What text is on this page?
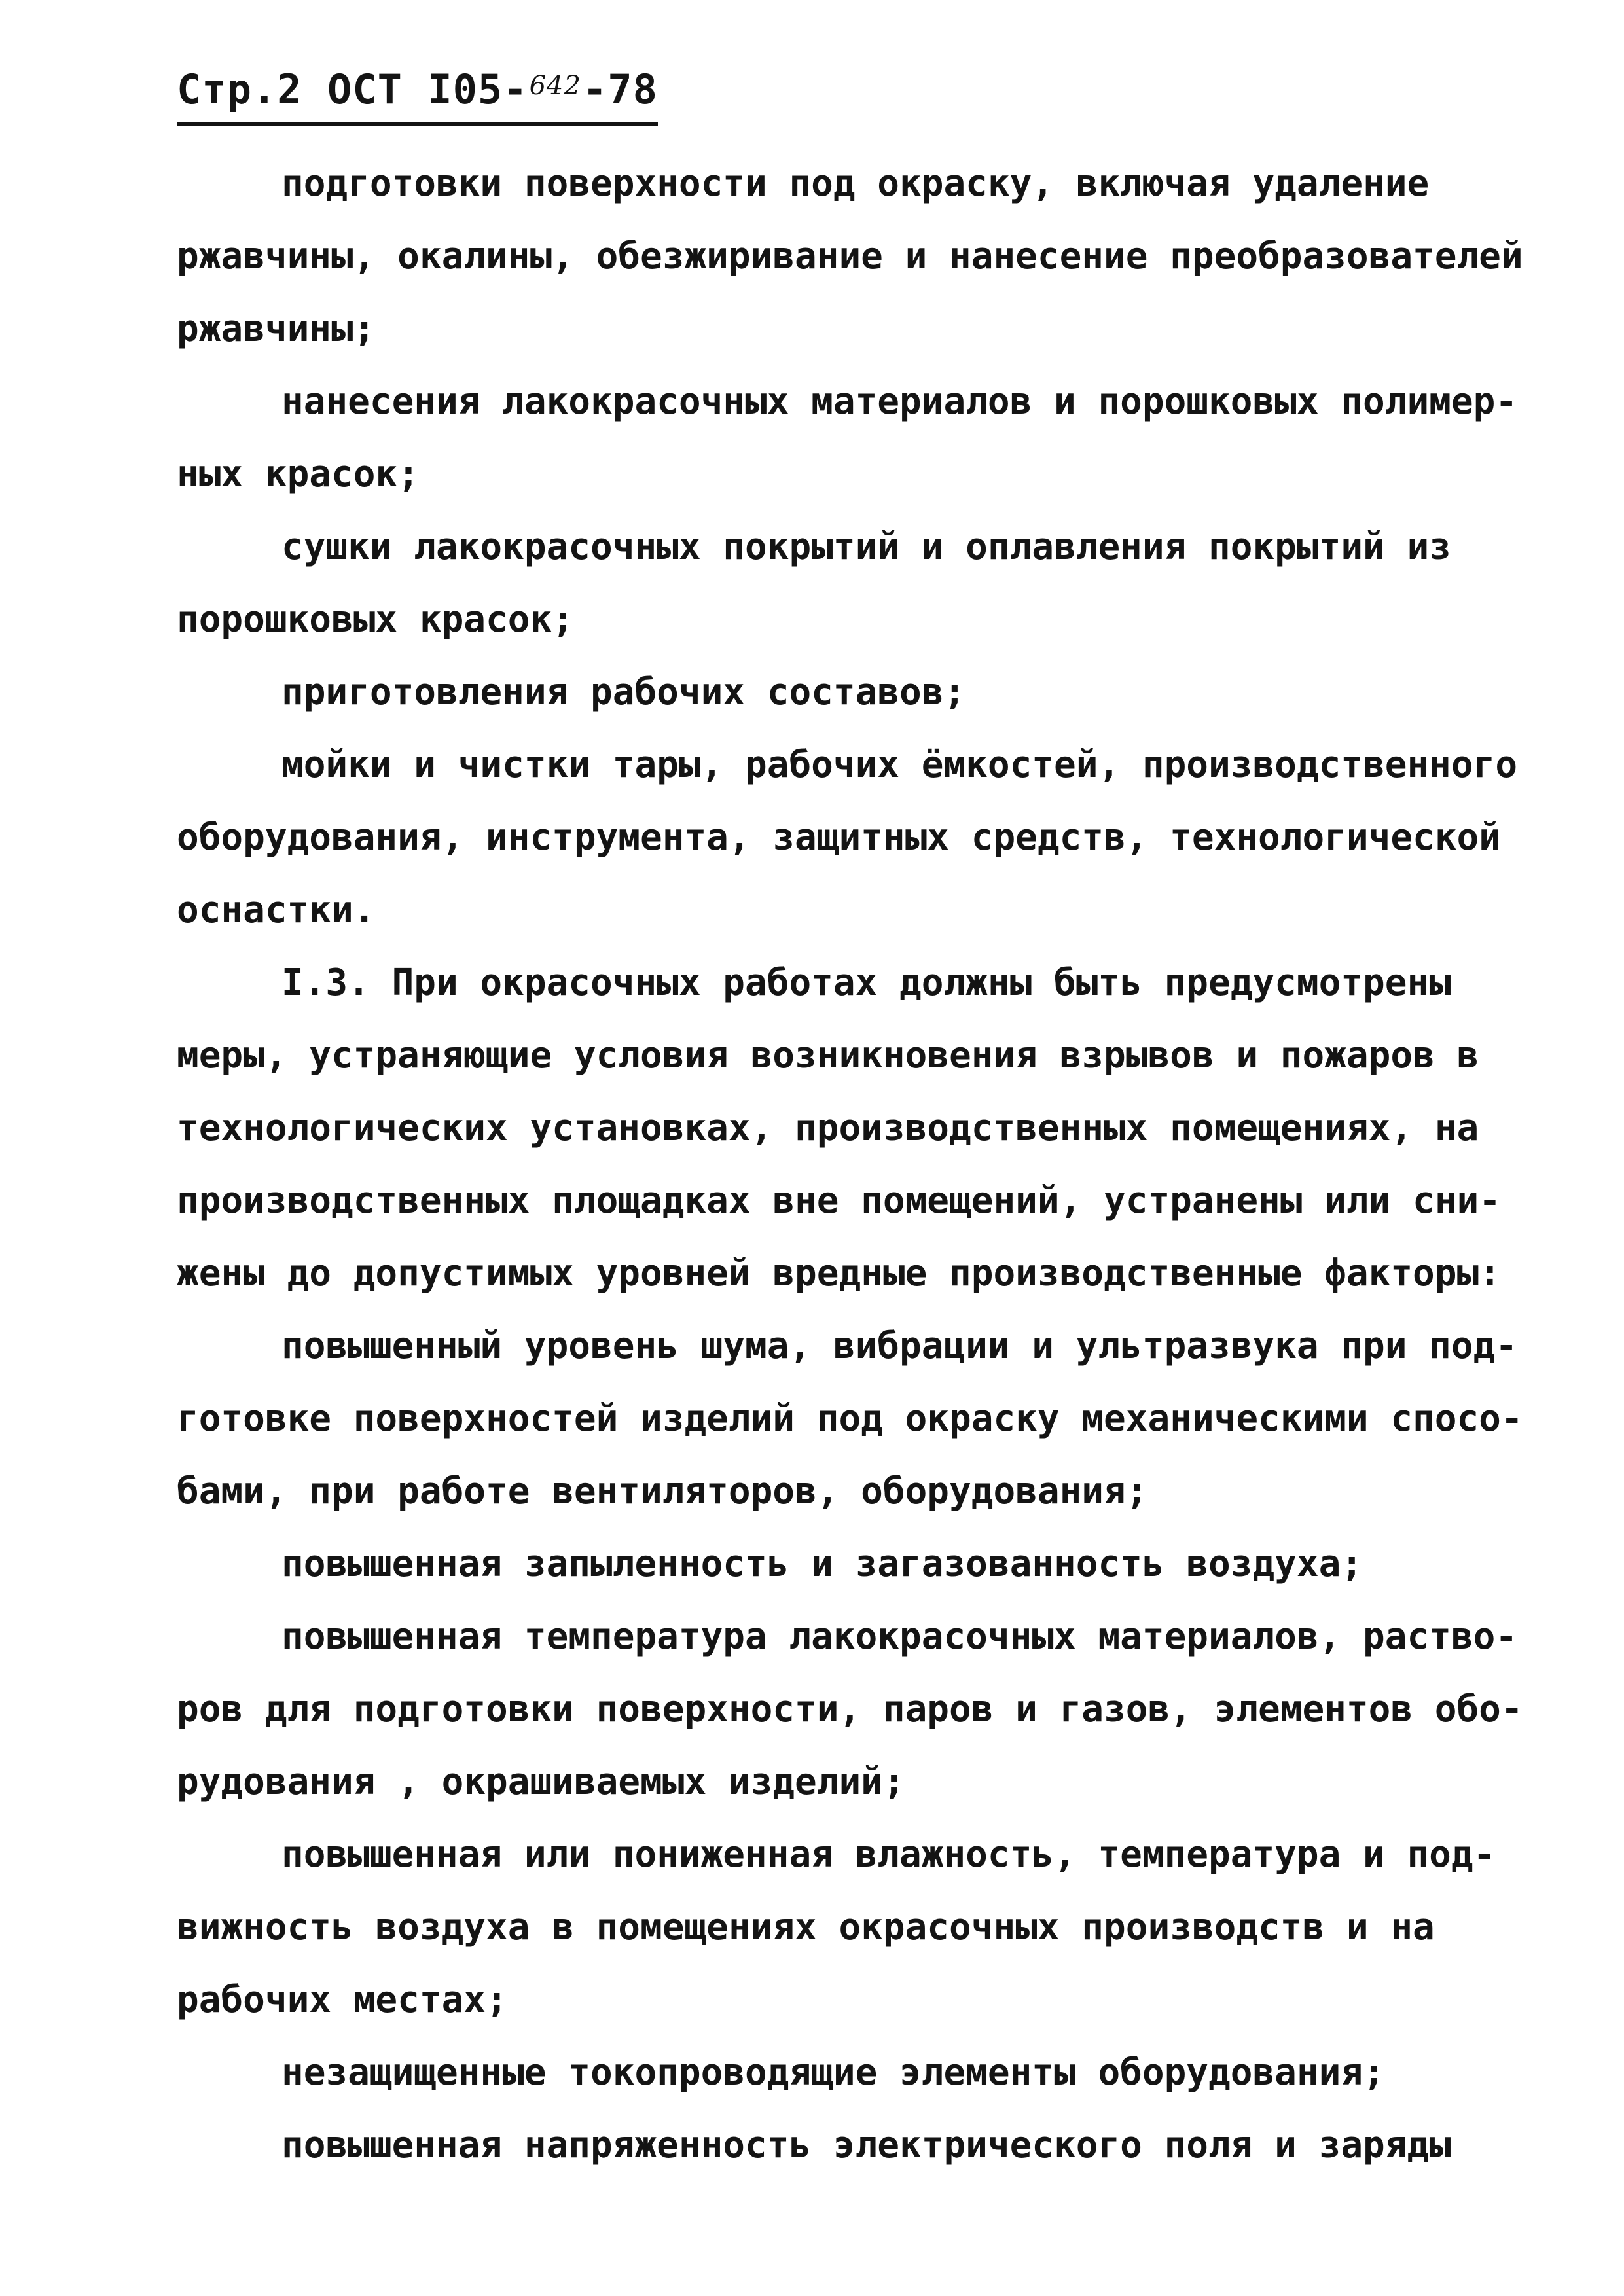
Стр.2 ОСТ I05-$^{642}$-78

подготовки поверхности под окраску, включая удаление

ржавчины, окалины, обезжиривание и нанесение преобразователей

ржавчины;

нанесения лакокрасочных материалов и порошковых полимер-

ных красок;

сушки лакокрасочных покрытий и оплавления покрытий из

порошковых красок;

приготовления рабочих составов;

мойки и чистки тары, рабочих ёмкостей, производственного

оборудования, инструмента, защитных средств, технологической

оснастки.

I.3. При окрасочных работах должны быть предусмотрены

меры, устраняющие условия возникновения взрывов и пожаров в

технологических установках, производственных помещениях, на

производственных площадках вне помещений, устранены или сни-

жены до допустимых уровней вредные производственные факторы:

повышенный уровень шума, вибрации и ультразвука при под-

готовке поверхностей изделий под окраску механическими спосо-

бами, при работе вентиляторов, оборудования;

повышенная запыленность и загазованность воздуха;

повышенная температура лакокрасочных материалов, раство-

ров для подготовки поверхности, паров и газов, элементов обо-

рудования , окрашиваемых изделий;

повышенная или пониженная влажность, температура и под-

вижность воздуха в помещениях окрасочных производств и на

рабочих местах;

незащищенные токопроводящие элементы оборудования;

повышенная напряженность электрического поля и заряды
